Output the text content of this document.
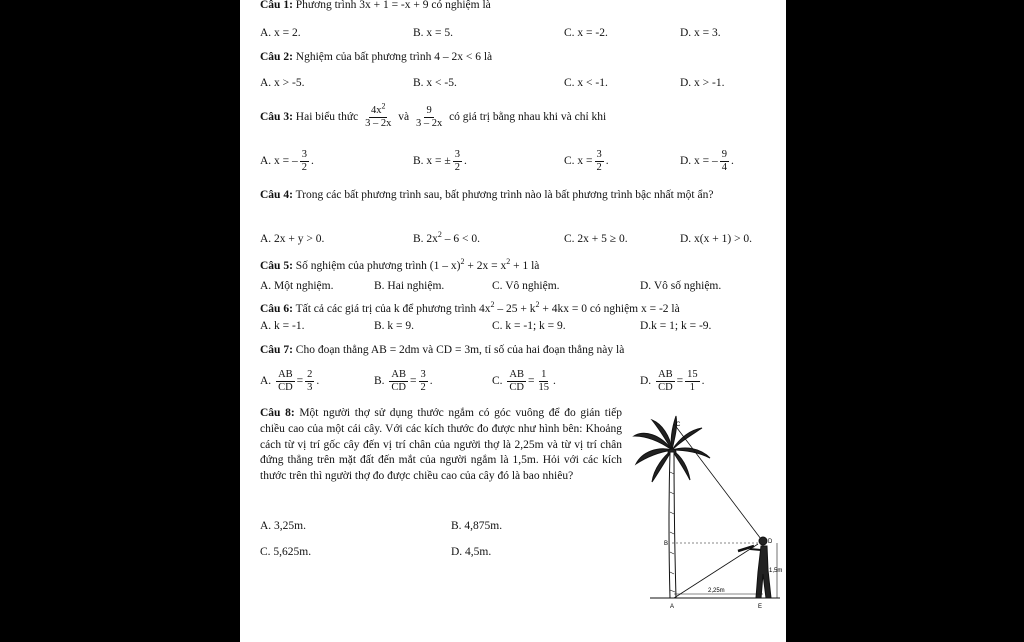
Câu 1: Phương trình 3x + 1 = -x + 9 có nghiệm là
A. x = 2.	B. x = 5.	C. x = -2.	D. x = 3.
Câu 2: Nghiệm của bất phương trình 4 – 2x < 6 là
A. x > -5.	B. x < -5.	C. x < -1.	D. x > -1.
Câu 3: Hai biểu thức $\frac{4x^2}{3 - 2x}$ và $\frac{9}{3 - 2x}$ có giá trị bằng nhau khi và chỉ khi
A. x = – $\frac{3}{2}$ .	B. x = ± $\frac{3}{2}$ .	C. $x = \frac{3}{2}$ .	D. x = – $\frac{9}{4}$ .
Câu 4: Trong các bất phương trình sau, bất phương trình nào là bất phương trình bậc nhất một ẩn?
A. 2x + y > 0.	B. $2x^2 - 6 < 0$.	C. 2x + 5 ≥ 0.	D. x(x + 1) > 0.
Câu 5: Số nghiệm của phương trình $(1 - x)^2 + 2x = x^2 + 1$ là
A. Một nghiệm.	B. Hai nghiệm.	C. Vô nghiệm.	D. Vô số nghiệm.
Câu 6: Tất cả các giá trị của k để phương trình $4x^2 - 25 + k^2 + 4kx = 0$ có nghiệm x = -2 là
A. k = -1.	B. k = 9.	C. k = -1; k = 9.	D.k = 1; k = -9.
Câu 7: Cho đoạn thẳng AB = 2dm và CD = 3m, tỉ số của hai đoạn thẳng này là
A. $\frac{AB}{CD} = \frac{2}{3}$ .	B. $\frac{AB}{CD} = \frac{3}{2}$ .	C. $\frac{AB}{CD} = \frac{1}{15}$ .	D. $\frac{AB}{CD} = \frac{15}{1}$ .
Câu 8: Một người thợ sử dụng thước ngắm có góc vuông để đo gián tiếp chiều cao của một cái cây. Với các kích thước đo được như hình bên: Khoảng cách từ vị trí gốc cây đến vị trí chân của người thợ là 2,25m và từ vị trí chân đứng thẳng trên mặt đất đến mắt của người ngắm là 1,5m. Hỏi với các kích thước trên thì người thợ đo được chiều cao của cây đó là bao nhiêu?
A. 3,25m.	B. 4,875m.
C. 5,625m.	D. 4,5m.
C
B	D
A	E
1,5m
2,25m
